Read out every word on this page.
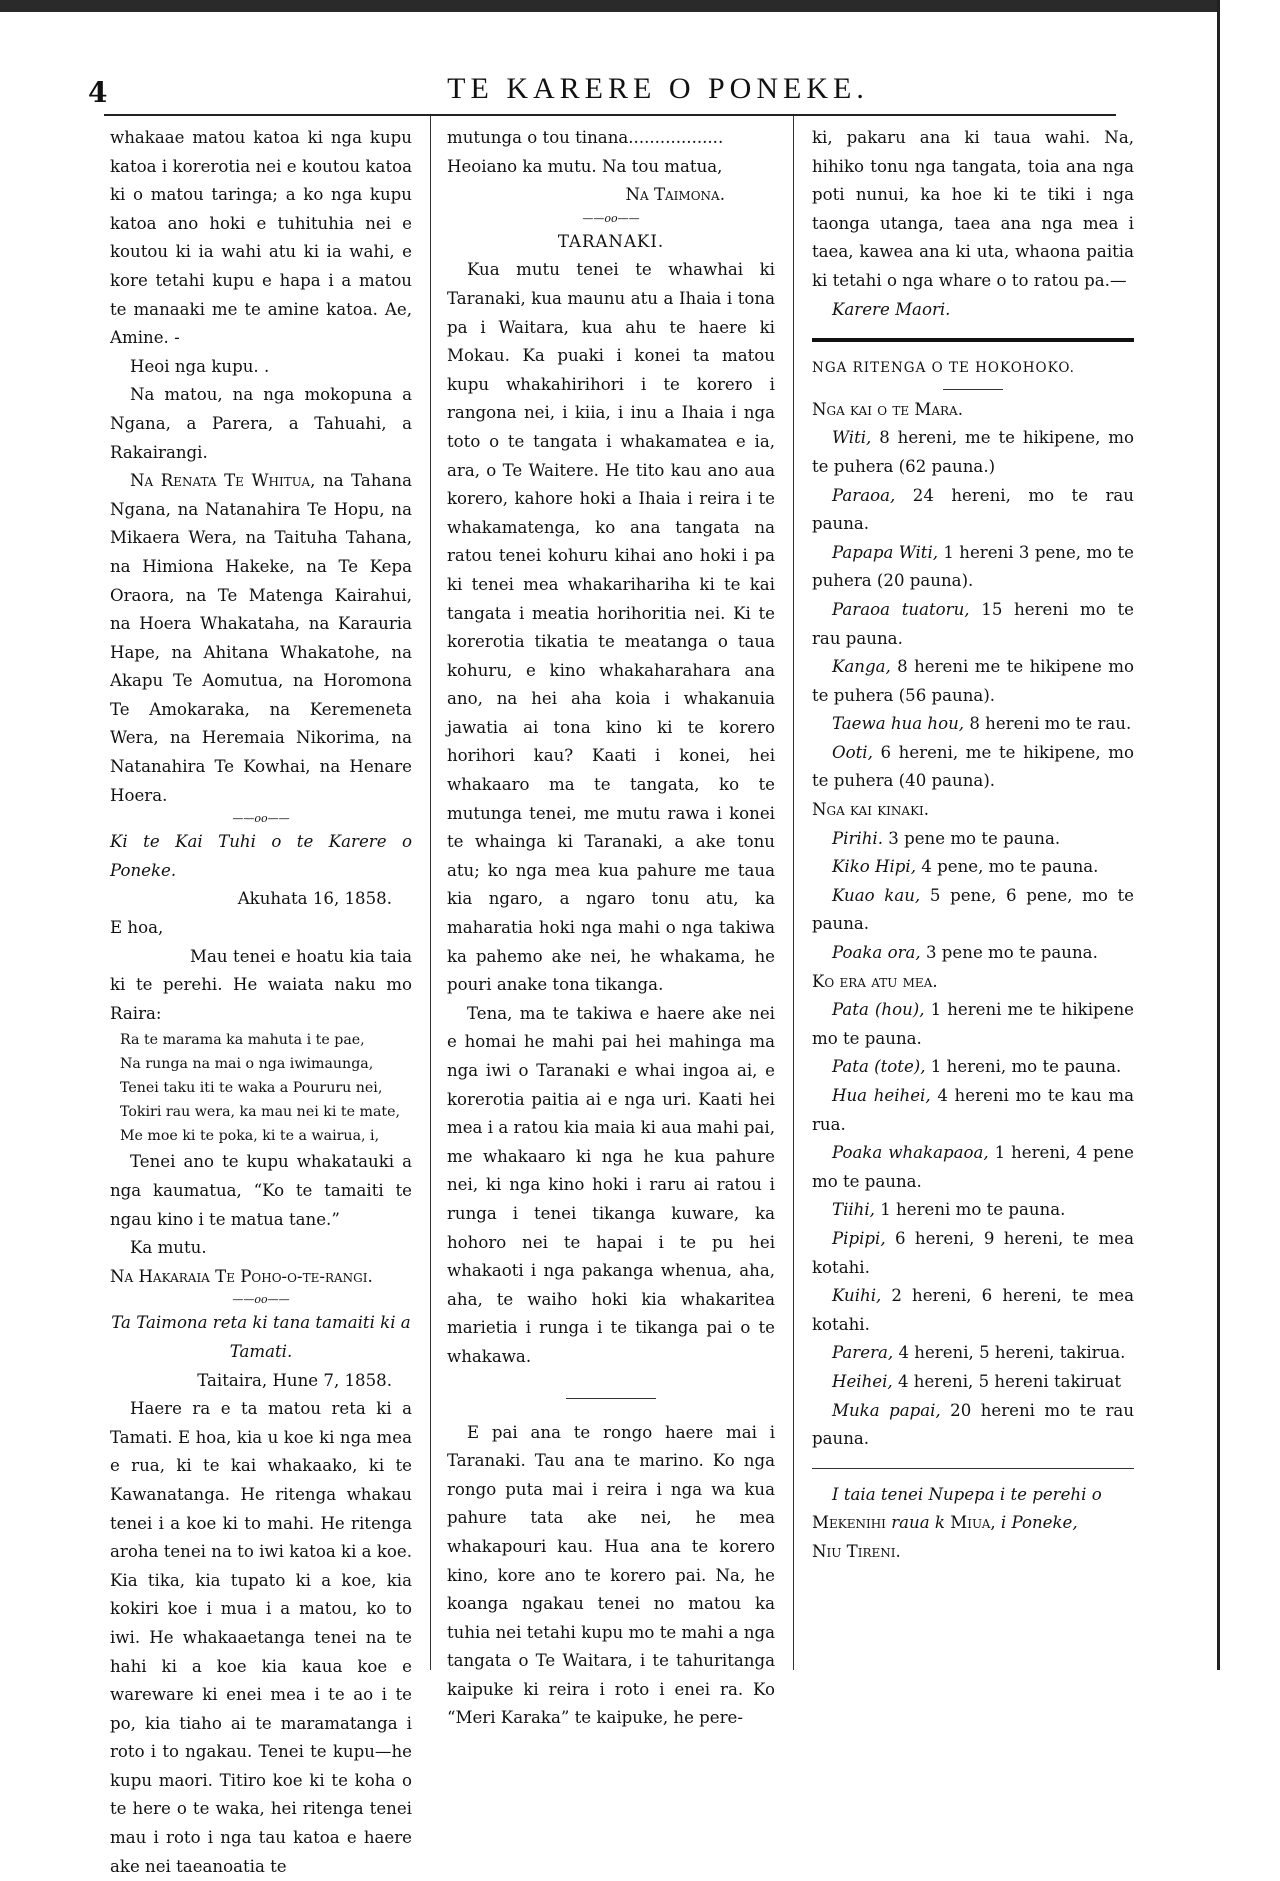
4	TE KARERE O PONEKE.

whakaae matou katoa ki nga kupu katoa i korerotia nei e koutou katoa ki o matou taringa; a ko nga kupu katoa ano hoki e tuhituhia nei e koutou ki ia wahi atu ki ia wahi, e kore tetahi kupu e hapa i a matou te manaaki me te amine katoa. Ae, Amine. -

Heoi nga kupu. .

Na matou, na nga mokopuna a Ngana, a Parera, a Tahuahi, a Rakairangi.

Na Renata Te Whitua, na Tahana Ngana, na Natanahira Te Hopu, na Mikaera Wera, na Taituha Tahana, na Himiona Hakeke, na Te Kepa Oraora, na Te Matenga Kairahui, na Hoera Whakataha, na Karauria Hape, na Ahitana Whakatohe, na Akapu Te Aomutua, na Horomona Te Amokaraka, na Keremeneta Wera, na Heremaia Nikorima, na Natanahira Te Kowhai, na Henare Hoera.

——oo——

Ki te Kai Tuhi o te Karere o Poneke.

Akuhata 16, 1858.

E hoa,

Mau tenei e hoatu kia taia ki te perehi. He waiata naku mo Raira:

Ra te marama ka mahuta i te pae,
Na runga na mai o nga iwimaunga,
Tenei taku iti te waka a Poururu nei,
Tokiri rau wera, ka mau nei ki te mate,
Me moe ki te poka, ki te a wairua, i,

Tenei ano te kupu whakatauki a nga kaumatua, “Ko te tamaiti te ngau kino i te matua tane.”

Ka mutu.

Na Hakaraia Te Poho-o-te-rangi.

——oo——

Ta Taimona reta ki tana tamaiti ki a Tamati.

Taitaira, Hune 7, 1858.

Haere ra e ta matou reta ki a Tamati. E hoa, kia u koe ki nga mea e rua, ki te kai whakaako, ki te Kawanatanga. He ritenga whakau tenei i a koe ki to mahi. He ritenga aroha tenei na to iwi katoa ki a koe. Kia tika, kia tupato ki a koe, kia kokiri koe i mua i a matou, ko to iwi. He whakaaetanga tenei na te hahi ki a koe kia kaua koe e wareware ki enei mea i te ao i te po, kia tiaho ai te maramatanga i roto i to ngakau. Tenei te kupu—he kupu maori. Titiro koe ki te koha o te here o te waka, hei ritenga tenei mau i roto i nga tau katoa e haere ake nei taeanoatia te

mutunga o tou tinana..................

Heoiano ka mutu. Na tou matua,

Na Taimona.

——oo——

TARANAKI.

Kua mutu tenei te whawhai ki Taranaki, kua maunu atu a Ihaia i tona pa i Waitara, kua ahu te haere ki Mokau. Ka puaki i konei ta matou kupu whakahirihori i te korero i rangona nei, i kiia, i inu a Ihaia i nga toto o te tangata i whakamatea e ia, ara, o Te Waitere. He tito kau ano aua korero, kahore hoki a Ihaia i reira i te whakamatenga, ko ana tangata na ratou tenei kohuru kihai ano hoki i pa ki tenei mea whakarihariha ki te kai tangata i meatia horihoritia nei. Ki te korerotia tikatia te meatanga o taua kohuru, e kino whakaharahara ana ano, na hei aha koia i whakanuia jawatia ai tona kino ki te korero horihori kau? Kaati i konei, hei whakaaro ma te tangata, ko te mutunga tenei, me mutu rawa i konei te whainga ki Taranaki, a ake tonu atu; ko nga mea kua pahure me taua kia ngaro, a ngaro tonu atu, ka maharatia hoki nga mahi o nga takiwa ka pahemo ake nei, he whakama, he pouri anake tona tikanga.

Tena, ma te takiwa e haere ake nei e homai he mahi pai hei mahinga ma nga iwi o Taranaki e whai ingoa ai, e korerotia paitia ai e nga uri. Kaati hei mea i a ratou kia maia ki aua mahi pai, me whakaaro ki nga he kua pahure nei, ki nga kino hoki i raru ai ratou i runga i tenei tikanga kuware, ka hohoro nei te hapai i te pu hei whakaoti i nga pakanga whenua, aha, aha, te waiho hoki kia whakaritea marietia i runga i te tikanga pai o te whakawa.

E pai ana te rongo haere mai i Taranaki. Tau ana te marino. Ko nga rongo puta mai i reira i nga wa kua pahure tata ake nei, he mea whakapouri kau. Hua ana te korero kino, kore ano te korero pai. Na, he koanga ngakau tenei no matou ka tuhia nei tetahi kupu mo te mahi a nga tangata o Te Waitara, i te tahuritanga kaipuke ki reira i roto i enei ra. Ko “Meri Karaka” te kaipuke, he pere-

ki, pakaru ana ki taua wahi. Na, hihiko tonu nga tangata, toia ana nga poti nunui, ka hoe ki te tiki i nga taonga utanga, taea ana nga mea i taea, kawea ana ki uta, whaona paitia ki tetahi o nga whare o to ratou pa.—

Karere Maori.

NGA RITENGA O TE HOKOHOKO.

Nga kai o te Mara.

Witi, 8 hereni, me te hikipene, mo te puhera (62 pauna.)

Paraoa, 24 hereni, mo te rau pauna.

Papapa Witi, 1 hereni 3 pene, mo te puhera (20 pauna).

Paraoa tuatoru, 15 hereni mo te rau pauna.

Kanga, 8 hereni me te hikipene mo te puhera (56 pauna).

Taewa hua hou, 8 hereni mo te rau.

Ooti, 6 hereni, me te hikipene, mo te puhera (40 pauna).

Nga kai kinaki.

Pirihi. 3 pene mo te pauna.

Kiko Hipi, 4 pene, mo te pauna.

Kuao kau, 5 pene, 6 pene, mo te pauna.

Poaka ora, 3 pene mo te pauna.

Ko era atu mea.

Pata (hou), 1 hereni me te hikipene mo te pauna.

Pata (tote), 1 hereni, mo te pauna.

Hua heihei, 4 hereni mo te kau ma rua.

Poaka whakapaoa, 1 hereni, 4 pene mo te pauna.

Tiihi, 1 hereni mo te pauna.

Pipipi, 6 hereni, 9 hereni, te mea kotahi.

Kuihi, 2 hereni, 6 hereni, te mea kotahi.

Parera, 4 hereni, 5 hereni, takirua.

Heihei, 4 hereni, 5 hereni takiruat

Muka papai, 20 hereni mo te rau pauna.

I taia tenei Nupepa i te perehi o

Mekenihi raua k Miua, i Poneke,

Niu Tireni.
